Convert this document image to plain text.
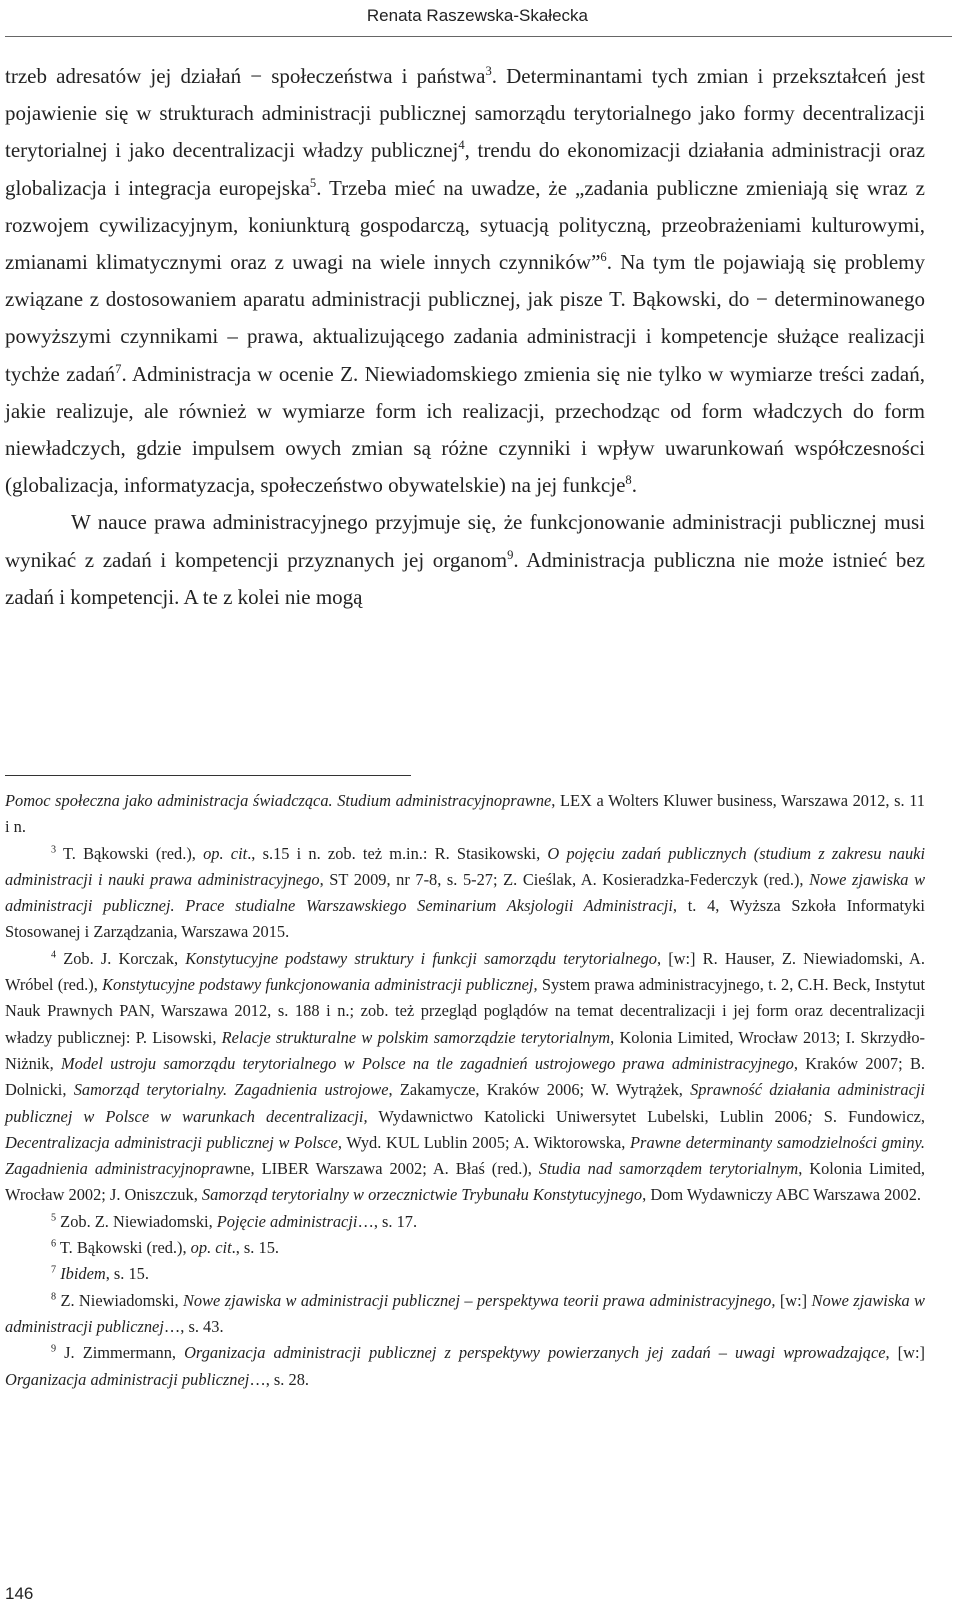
Renata Raszewska-Skałecka

trzeb adresatów jej działań − społeczeństwa i państwa$^3$. Determinantami tych zmian i przekształceń jest pojawienie się w strukturach administracji publicznej samorządu terytorialnego jako formy decentralizacji terytorialnej i jako decentralizacji władzy publicznej$^4$, trendu do ekonomizacji działania administracji oraz globalizacja i integracja europejska$^5$. Trzeba mieć na uwadze, że „zadania publiczne zmieniają się wraz z rozwojem cywilizacyjnym, koniunkturą gospodarczą, sytuacją polityczną, przeobrażeniami kulturowymi, zmianami klimatycznymi oraz z uwagi na wiele innych czynników”$^6$. Na tym tle pojawiają się problemy związane z dostosowaniem aparatu administracji publicznej, jak pisze T. Bąkowski, do − determinowanego powyższymi czynnikami – prawa, aktualizującego zadania administracji i kompetencje służące realizacji tychże zadań$^7$. Administracja w ocenie Z. Niewiadomskiego zmienia się nie tylko w wymiarze treści zadań, jakie realizuje, ale również w wymiarze form ich realizacji, przechodząc od form władczych do form niewładczych, gdzie impulsem owych zmian są różne czynniki i wpływ uwarunkowań współczesności (globalizacja, informatyzacja, społeczeństwo obywatelskie) na jej funkcje$^8$.

W nauce prawa administracyjnego przyjmuje się, że funkcjonowanie administracji publicznej musi wynikać z zadań i kompetencji przyznanych jej organom$^9$. Administracja publiczna nie może istnieć bez zadań i kompetencji. A te z kolei nie mogą

Pomoc społeczna jako administracja świadcząca. Studium administracyjnoprawne, LEX a Wolters Kluwer business, Warszawa 2012, s. 11 i n.

$^3$ T. Bąkowski (red.), op. cit., s.15 i n. zob. też m.in.: R. Stasikowski, O pojęciu zadań publicznych (studium z zakresu nauki administracji i nauki prawa administracyjnego, ST 2009, nr 7-8, s. 5-27; Z. Cieślak, A. Kosieradzka-Federczyk (red.), Nowe zjawiska w administracji publicznej. Prace studialne Warszawskiego Seminarium Aksjologii Administracji, t. 4, Wyższa Szkoła Informatyki Stosowanej i Zarządzania, Warszawa 2015.

$^4$ Zob. J. Korczak, Konstytucyjne podstawy struktury i funkcji samorządu terytorialnego, [w:] R. Hauser, Z. Niewiadomski, A. Wróbel (red.), Konstytucyjne podstawy funkcjonowania administracji publicznej, System prawa administracyjnego, t. 2, C.H. Beck, Instytut Nauk Prawnych PAN, Warszawa 2012, s. 188 i n.; zob. też przegląd poglądów na temat decentralizacji i jej form oraz decentralizacji władzy publicznej: P. Lisowski, Relacje strukturalne w polskim samorządzie terytorialnym, Kolonia Limited, Wrocław 2013; I. Skrzydło-Niżnik, Model ustroju samorządu terytorialnego w Polsce na tle zagadnień ustrojowego prawa administracyjnego, Kraków 2007; B. Dolnicki, Samorząd terytorialny. Zagadnienia ustrojowe, Zakamycze, Kraków 2006; W. Wytrążek, Sprawność działania administracji publicznej w Polsce w warunkach decentralizacji, Wydawnictwo Katolicki Uniwersytet Lubelski, Lublin 2006; S. Fundowicz, Decentralizacja administracji publicznej w Polsce, Wyd. KUL Lublin 2005; A. Wiktorowska, Prawne determinanty samodzielności gminy. Zagadnienia administracyjnoprawne, LIBER Warszawa 2002; A. Błaś (red.), Studia nad samorządem terytorialnym, Kolonia Limited, Wrocław 2002; J. Oniszczuk, Samorząd terytorialny w orzecznictwie Trybunału Konstytucyjnego, Dom Wydawniczy ABC Warszawa 2002.

$^5$ Zob. Z. Niewiadomski, Pojęcie administracji…, s. 17.

$^6$ T. Bąkowski (red.), op. cit., s. 15.

$^7$ Ibidem, s. 15.

$^8$ Z. Niewiadomski, Nowe zjawiska w administracji publicznej – perspektywa teorii prawa administracyjnego, [w:] Nowe zjawiska w administracji publicznej…, s. 43.

$^9$ J. Zimmermann, Organizacja administracji publicznej z perspektywy powierzanych jej zadań – uwagi wprowadzające, [w:] Organizacja administracji publicznej…, s. 28.

146
